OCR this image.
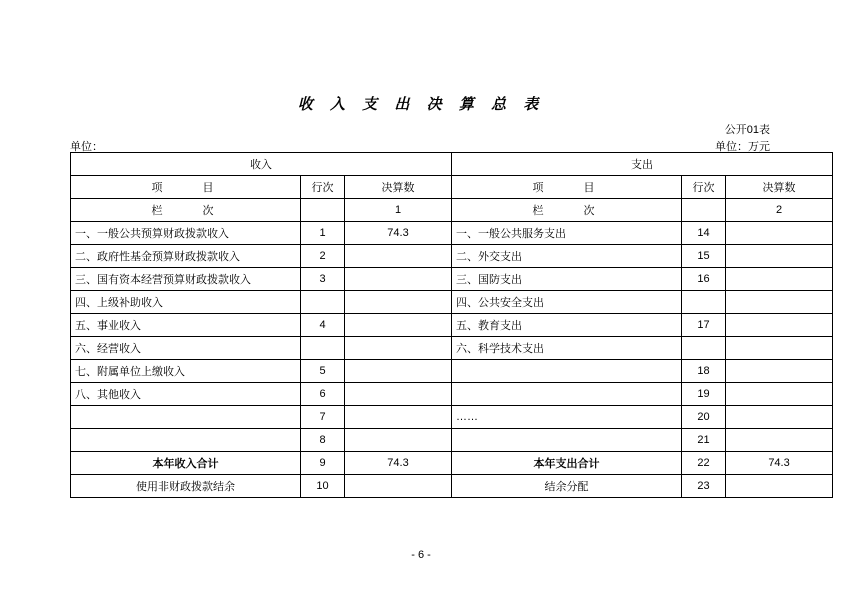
收 入 支 出 决 算 总 表
公开01表
单位：	单位：万元
收入			支出		
项　　目	行次	决算数	项　　目	行次	决算数
栏　　次		1	栏　　次		2
一、一般公共预算财政拨款收入	1	74.3	一、一般公共服务支出	14	
二、政府性基金预算财政拨款收入	2		二、外交支出	15	
三、国有资本经营预算财政拨款收入	3		三、国防支出	16	
四、上级补助收入			四、公共安全支出		
五、事业收入	4		五、教育支出	17	
六、经营收入			六、科学技术支出		
七、附属单位上缴收入	5			18	
八、其他收入	6			19	
	7		……	20	
	8			21	
本年收入合计	9	74.3	本年支出合计	22	74.3
使用非财政拨款结余	10		结余分配	23	
- 6 -
